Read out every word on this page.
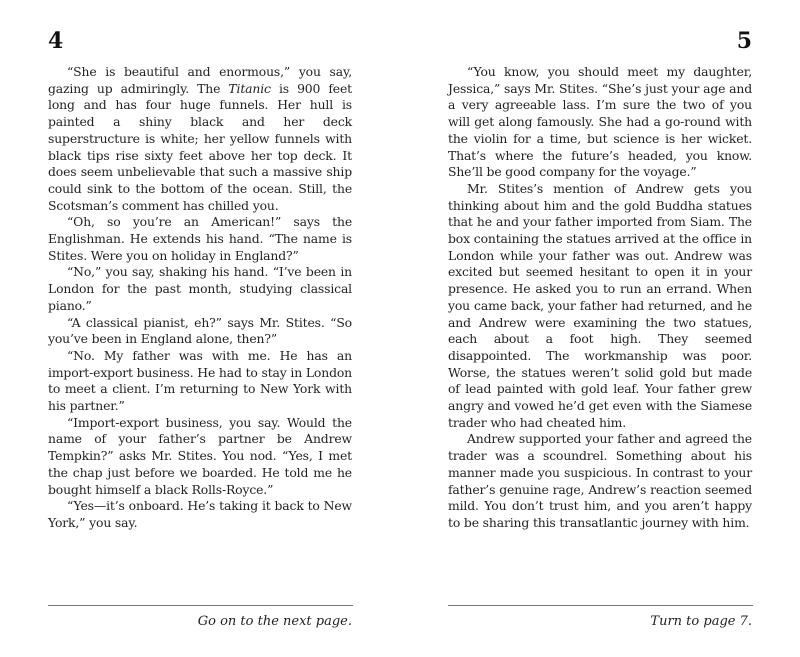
4

“She is beautiful and enormous,” you say, gazing up admiringly. The Titanic is 900 feet long and has four huge funnels. Her hull is painted a shiny black and her deck superstructure is white; her yellow funnels with black tips rise sixty feet above her top deck. It does seem unbelievable that such a massive ship could sink to the bottom of the ocean. Still, the Scotsman’s comment has chilled you.

“Oh, so you’re an American!” says the Englishman. He extends his hand. “The name is Stites. Were you on holiday in England?”

“No,” you say, shaking his hand. “I’ve been in London for the past month, studying classical piano.”

“A classical pianist, eh?” says Mr. Stites. “So you’ve been in England alone, then?”

“No. My father was with me. He has an import-export business. He had to stay in London to meet a client. I’m returning to New York with his partner.”

“Import-export business, you say. Would the name of your father’s partner be Andrew Tempkin?” asks Mr. Stites. You nod. “Yes, I met the chap just before we boarded. He told me he bought himself a black Rolls-Royce.”

“Yes—it’s onboard. He’s taking it back to New York,” you say.

Go on to the next page.
5

“You know, you should meet my daughter, Jessica,” says Mr. Stites. “She’s just your age and a very agreeable lass. I’m sure the two of you will get along famously. She had a go-round with the violin for a time, but science is her wicket. That’s where the future’s headed, you know. She’ll be good company for the voyage.”

Mr. Stites’s mention of Andrew gets you thinking about him and the gold Buddha statues that he and your father imported from Siam. The box containing the statues arrived at the office in London while your father was out. Andrew was excited but seemed hesitant to open it in your presence. He asked you to run an errand. When you came back, your father had returned, and he and Andrew were examining the two statues, each about a foot high. They seemed disappointed. The workmanship was poor. Worse, the statues weren’t solid gold but made of lead painted with gold leaf. Your father grew angry and vowed he’d get even with the Siamese trader who had cheated him.

Andrew supported your father and agreed the trader was a scoundrel. Something about his manner made you suspicious. In contrast to your father’s genuine rage, Andrew’s reaction seemed mild. You don’t trust him, and you aren’t happy to be sharing this transatlantic journey with him.

Turn to page 7.
